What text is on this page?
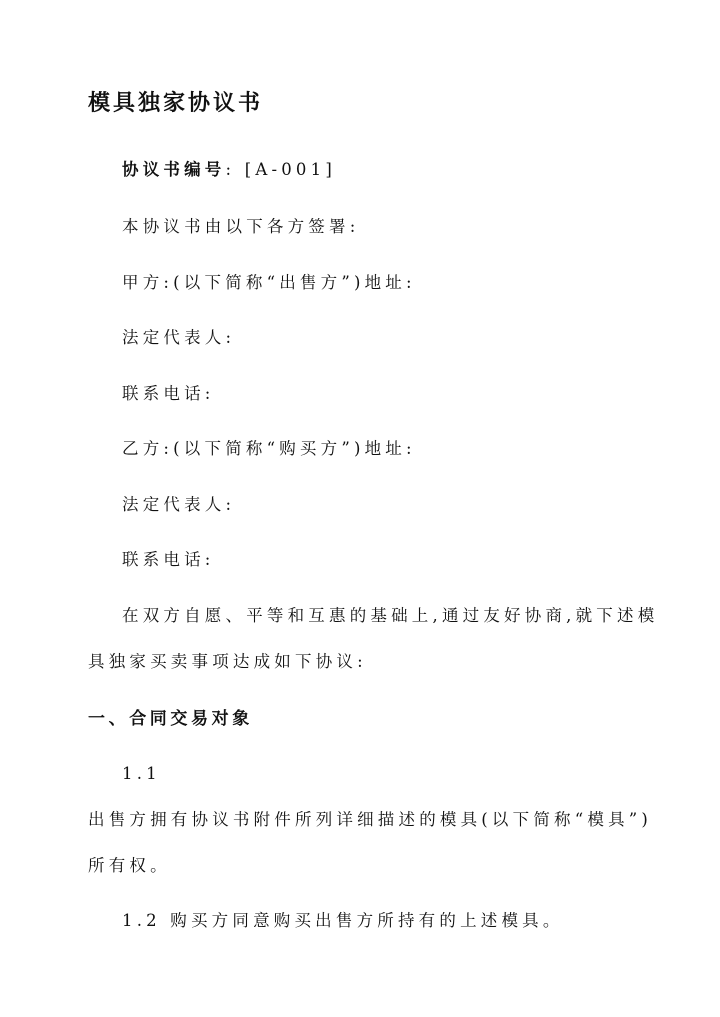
模具独家协议书
协议书编号: [A-001]
本协议书由以下各方签署:
甲方:(以下简称“出售方”)地址:
法定代表人:
联系电话:
乙方:(以下简称“购买方”)地址:
法定代表人:
联系电话:
在双方自愿、平等和互惠的基础上,通过友好协商,就下述模
具独家买卖事项达成如下协议:
一、合同交易对象
1.1
出售方拥有协议书附件所列详细描述的模具(以下简称“模具”)
所有权。
1.2 购买方同意购买出售方所持有的上述模具。
